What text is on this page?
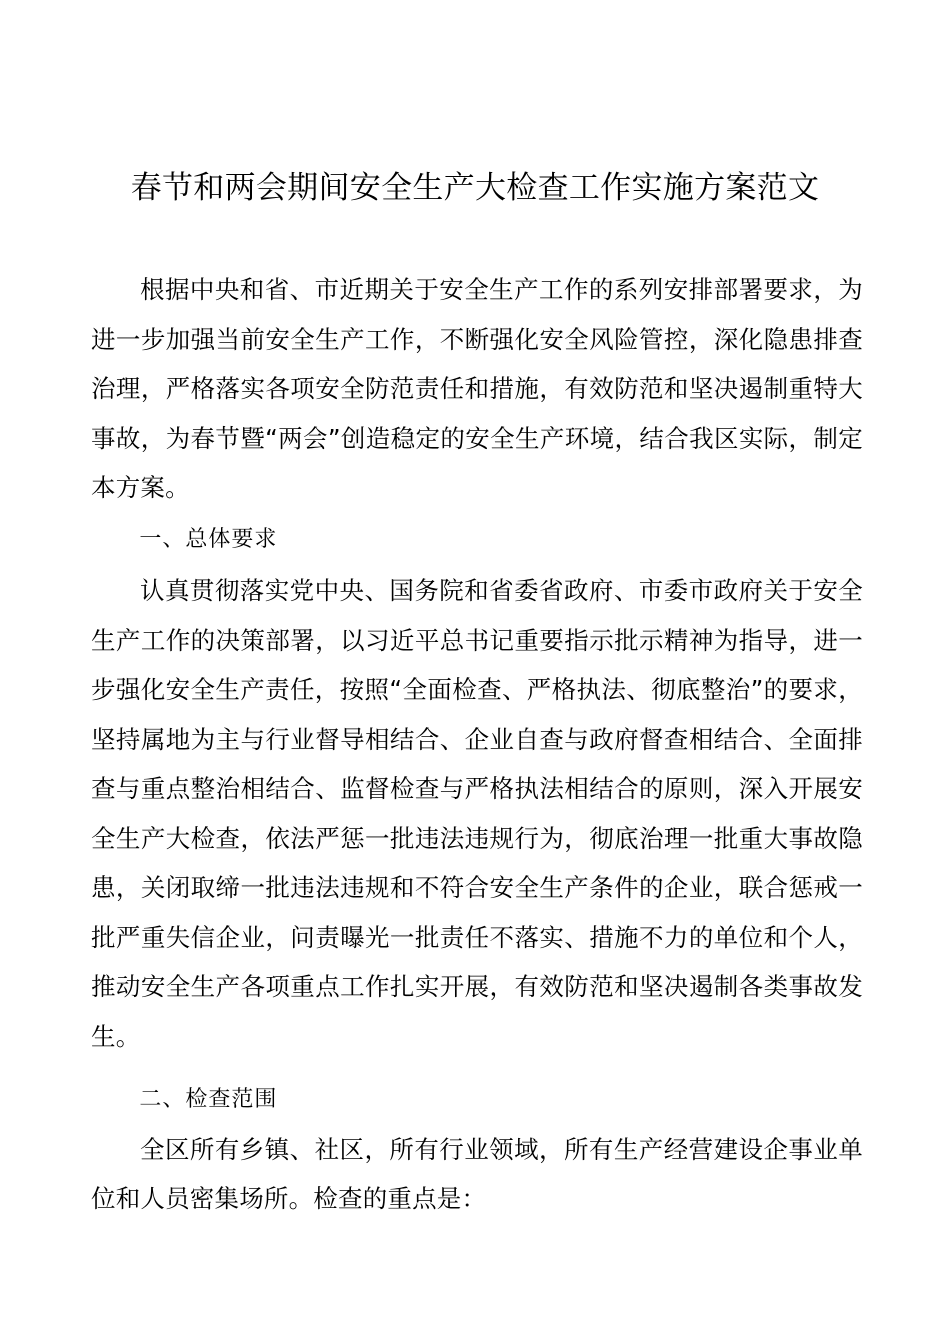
春节和两会期间安全生产大检查工作实施方案范文

根据中央和省、市近期关于安全生产工作的系列安排部署要求，为进一步加强当前安全生产工作，不断强化安全风险管控，深化隐患排查治理，严格落实各项安全防范责任和措施，有效防范和坚决遏制重特大事故，为春节暨“两会”创造稳定的安全生产环境，结合我区实际，制定本方案。

一、总体要求

认真贯彻落实党中央、国务院和省委省政府、市委市政府关于安全生产工作的决策部署，以习近平总书记重要指示批示精神为指导，进一步强化安全生产责任，按照“全面检查、严格执法、彻底整治”的要求，坚持属地为主与行业督导相结合、企业自查与政府督查相结合、全面排查与重点整治相结合、监督检查与严格执法相结合的原则，深入开展安全生产大检查，依法严惩一批违法违规行为，彻底治理一批重大事故隐患，关闭取缔一批违法违规和不符合安全生产条件的企业，联合惩戒一批严重失信企业，问责曝光一批责任不落实、措施不力的单位和个人，推动安全生产各项重点工作扎实开展，有效防范和坚决遏制各类事故发生。

二、检查范围

全区所有乡镇、社区，所有行业领域，所有生产经营建设企事业单位和人员密集场所。检查的重点是：
